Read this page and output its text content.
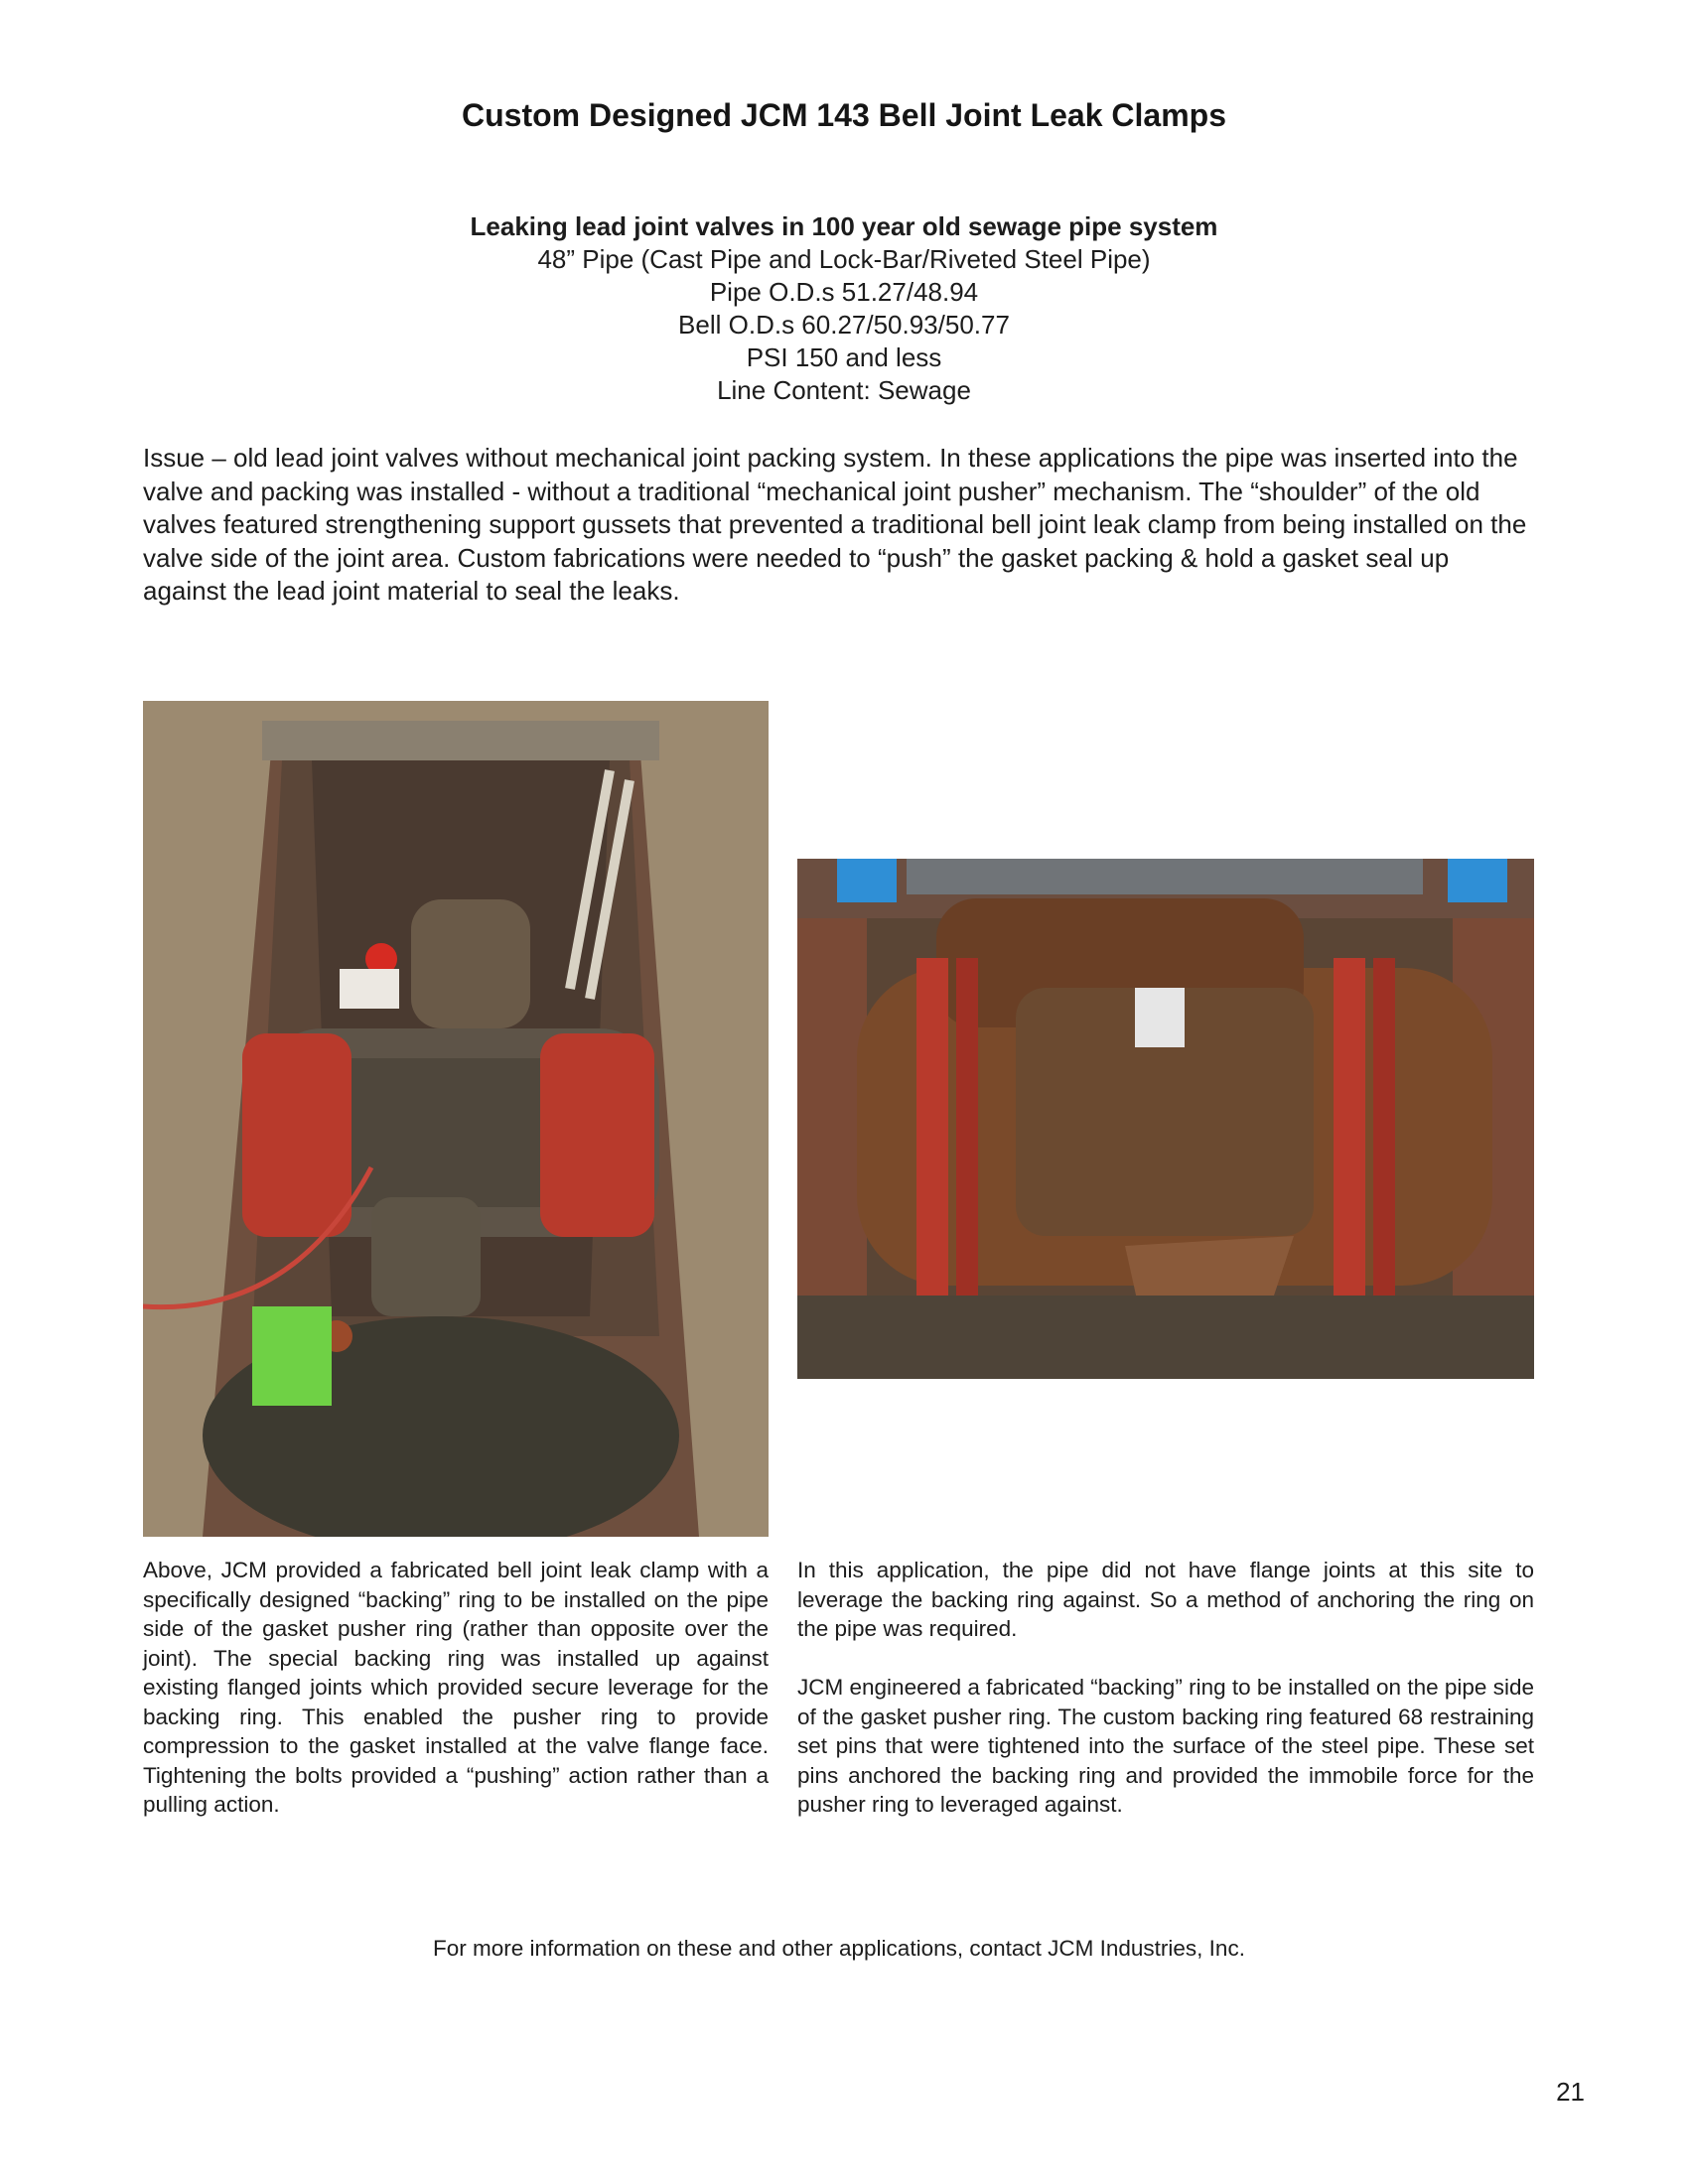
Custom Designed JCM 143 Bell Joint Leak Clamps
Leaking lead joint valves in 100 year old sewage pipe system
48” Pipe (Cast Pipe and Lock-Bar/Riveted Steel Pipe)
Pipe O.D.s 51.27/48.94
Bell O.D.s 60.27/50.93/50.77
PSI 150 and less
Line Content: Sewage
Issue – old lead joint valves without mechanical joint packing system. In these applications the pipe was inserted into the valve and packing was installed - without a traditional “mechanical joint pusher” mechanism. The “shoulder” of the old valves featured strengthening support gussets that prevented a traditional bell joint leak clamp from being installed on the valve side of the joint area. Custom fabrications were needed to “push” the gasket packing & hold a gasket seal up against the lead joint material to seal the leaks.

Above, JCM provided a fabricated bell joint leak clamp with a specifically designed “backing” ring to be installed on the pipe side of the gasket pusher ring (rather than opposite over the joint). The special backing ring was installed up against existing flanged joints which provided secure leverage for the backing ring. This enabled the pusher ring to provide compression to the gasket installed at the valve flange face. Tightening the bolts provided a “pushing” action rather than a pulling action.

In this application, the pipe did not have flange joints at this site to leverage the backing ring against. So a method of anchoring the ring on the pipe was required.

JCM engineered a fabricated “backing” ring to be installed on the pipe side of the gasket pusher ring. The custom backing ring featured 68 restraining set pins that were tightened into the surface of the steel pipe. These set pins anchored the backing ring and provided the immobile force for the pusher ring to leveraged against.

For more information on these and other applications, contact JCM Industries, Inc.
21
